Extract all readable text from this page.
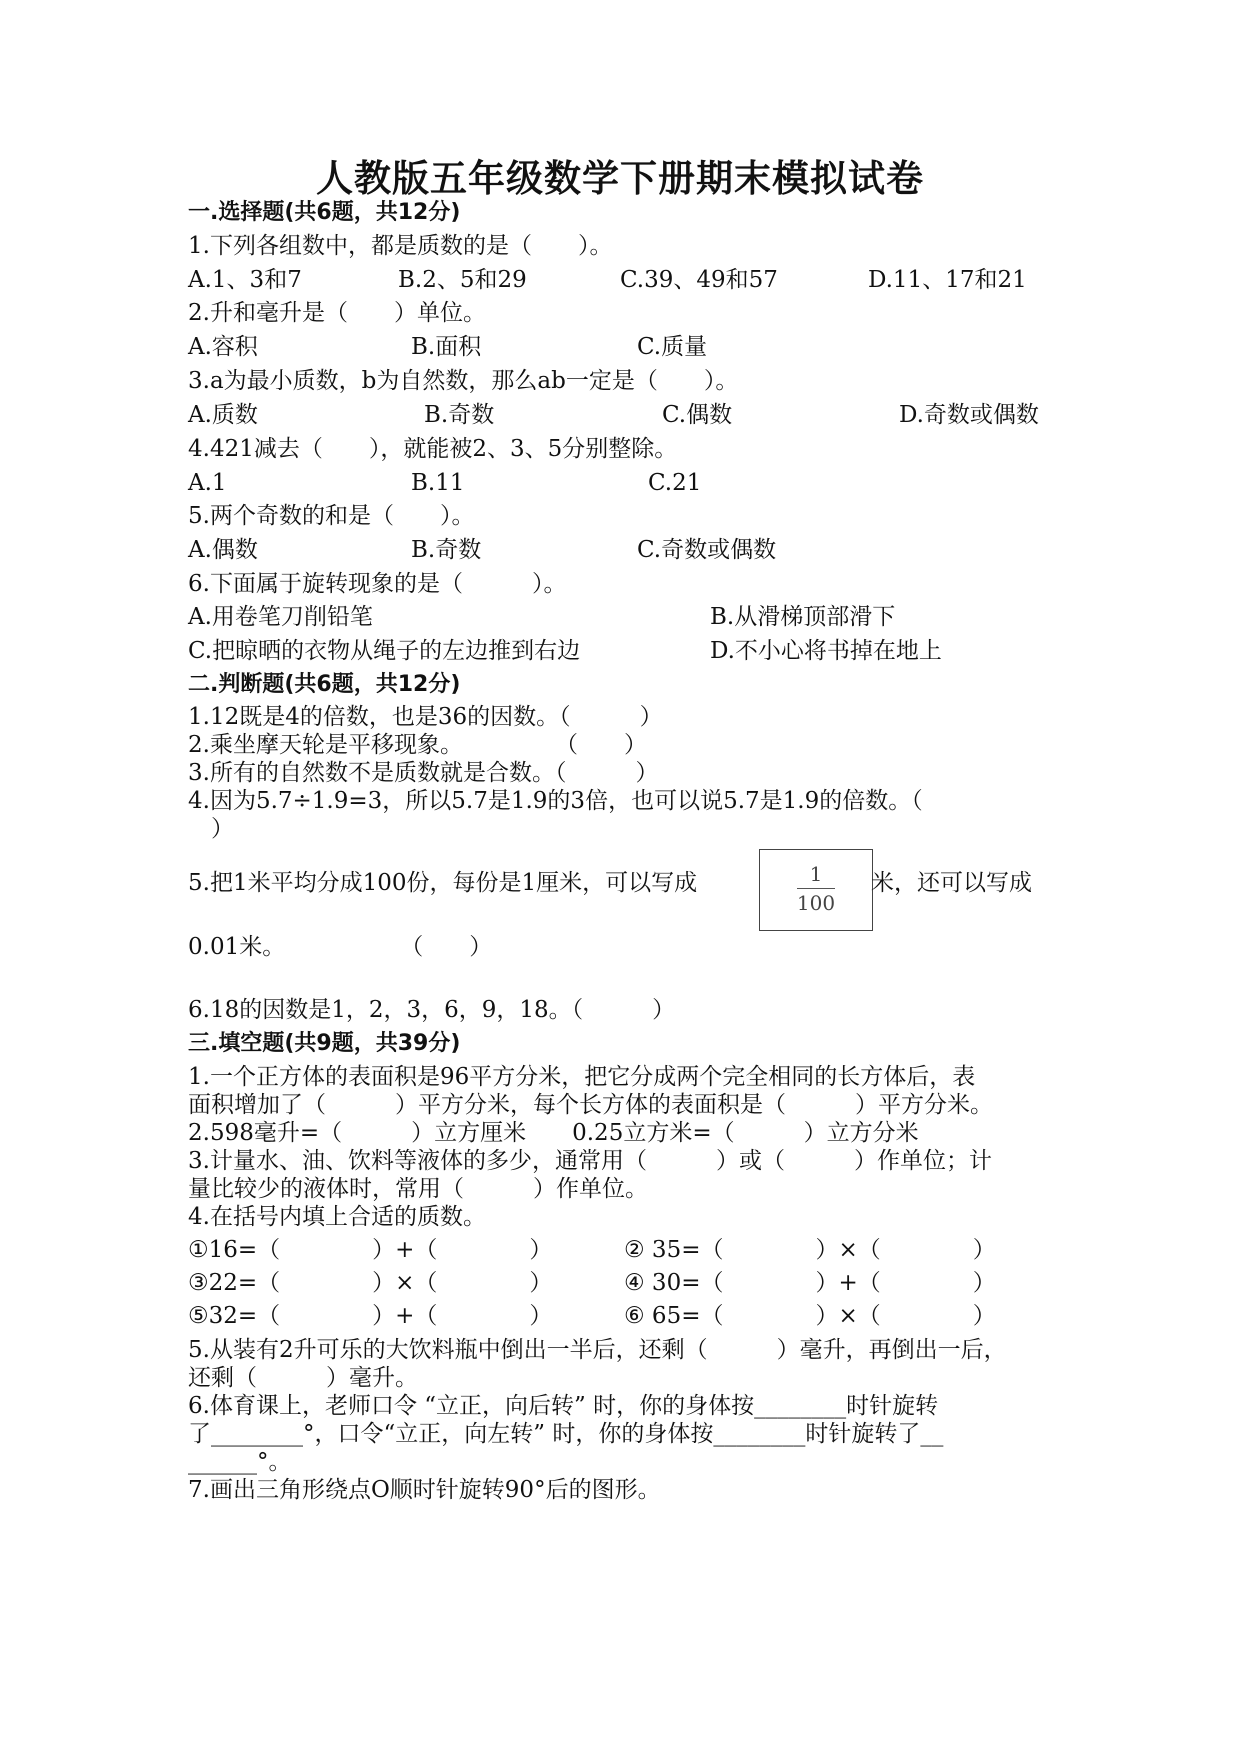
人教版五年级数学下册期末模拟试卷
一.选择题(共6题，共12分)
1.下列各组数中，都是质数的是（　　）。
A.1、3和7	B.2、5和29	C.39、49和57	D.11、17和21
2.升和毫升是（　　）单位。
A.容积	B.面积	C.质量
3.a为最小质数，b为自然数，那么ab一定是（　　）。
A.质数	B.奇数	C.偶数	D.奇数或偶数
4.421减去（　　），就能被2、3、5分别整除。
A.1	B.11	C.21
5.两个奇数的和是（　　）。
A.偶数	B.奇数	C.奇数或偶数
6.下面属于旋转现象的是（　　　）。
A.用卷笔刀削铅笔	B.从滑梯顶部滑下
C.把晾晒的衣物从绳子的左边推到右边	D.不小心将书掉在地上
二.判断题(共6题，共12分)
1.12既是4的倍数，也是36的因数。（　　　）
2.乘坐摩天轮是平移现象。　　　　　（　　）
3.所有的自然数不是质数就是合数。（　　　）
4.因为5.7÷1.9=3，所以5.7是1.9的3倍，也可以说5.7是1.9的倍数。（
　）
5.把1米平均分成100份，每份是1厘米，可以写成	1
100
米，还可以写成
0.01米。　　　　　　（　　）
6.18的因数是1，2，3，6，9，18。（　　　）
三.填空题(共9题，共39分)
1.一个正方体的表面积是96平方分米，把它分成两个完全相同的长方体后，表
面积增加了（　　　）平方分米，每个长方体的表面积是（　　　）平方分米。
2.598毫升=（　　　）立方厘米　　0.25立方米=（　　　）立方分米
3.计量水、油、饮料等液体的多少，通常用（　　　）或（　　　）作单位；计
量比较少的液体时，常用（　　　）作单位。
4.在括号内填上合适的质数。
①16=（　　　　）+（　　　　）	② 35=（　　　　）×（　　　　）
③22=（　　　　）×（　　　　）	④ 30=（　　　　）+（　　　　）
⑤32=（　　　　）+（　　　　）	⑥ 65=（　　　　）×（　　　　）
5.从装有2升可乐的大饮料瓶中倒出一半后，还剩（　　　）毫升，再倒出一后，
还剩（　　　）毫升。
6.体育课上，老师口令 “立正，向后转” 时，你的身体按________时针旋转
了________°，口令“立正，向左转” 时，你的身体按________时针旋转了__
______°。
7.画出三角形绕点O顺时针旋转90°后的图形。
